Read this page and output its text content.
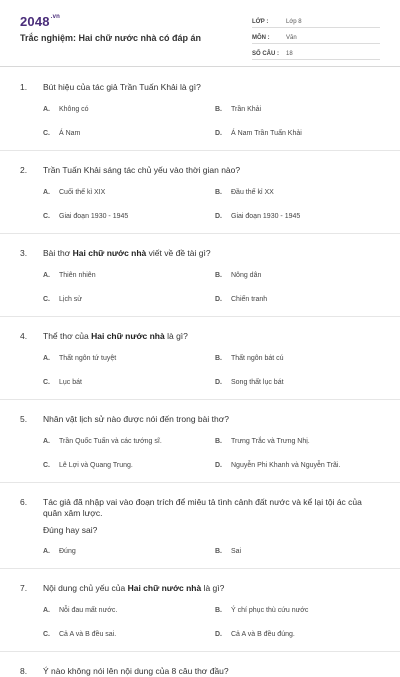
$2048^{.vn}$
Trắc nghiệm: Hai chữ nước nhà có đáp án
LỚP :	Lớp 8
MÔN :	Văn
SỐ CÂU :	18
1. Bút hiệu của tác giả Trần Tuấn Khải là gì?
A.	Không có	B.	Trần Khải
C.	Á Nam	D.	Á Nam Trần Tuấn Khải
2. Trần Tuấn Khải sáng tác chủ yếu vào thời gian nào?
A.	Cuối thế kỉ XIX	B.	Đầu thế kỉ XX
C.	Giai đoạn 1930 - 1945	D.	Giai đoạn 1930 - 1945
3. Bài thơ Hai chữ nước nhà viết về đề tài gì?
A.	Thiên nhiên	B.	Nông dân
C.	Lịch sử	D.	Chiến tranh
4. Thể thơ của Hai chữ nước nhà là gì?
A.	Thất ngôn tứ tuyệt	B.	Thất ngôn bát cú
C.	Lục bát	D.	Song thất lục bát
5. Nhân vật lịch sử nào được nói đến trong bài thơ?
A.	Trần Quốc Tuấn và các tướng sĩ.	B.	Trưng Trắc và Trưng Nhị.
C.	Lê Lợi và Quang Trung.	D.	Nguyễn Phi Khanh và Nguyễn Trãi.
6. Tác giả đã nhập vai vào đoạn trích để miêu tả tình cảnh đất nước và kể lại tội ác của quân xâm lược.
Đúng hay sai?
A.	Đúng	B.	Sai
7. Nội dung chủ yếu của Hai chữ nước nhà là gì?
A.	Nỗi đau mất nước.	B.	Ý chí phục thù cứu nước
C.	Cả A và B đều sai.	D.	Cả A và B đều đúng.
8. Ý nào không nói lên nội dung của 8 câu thơ đầu?
